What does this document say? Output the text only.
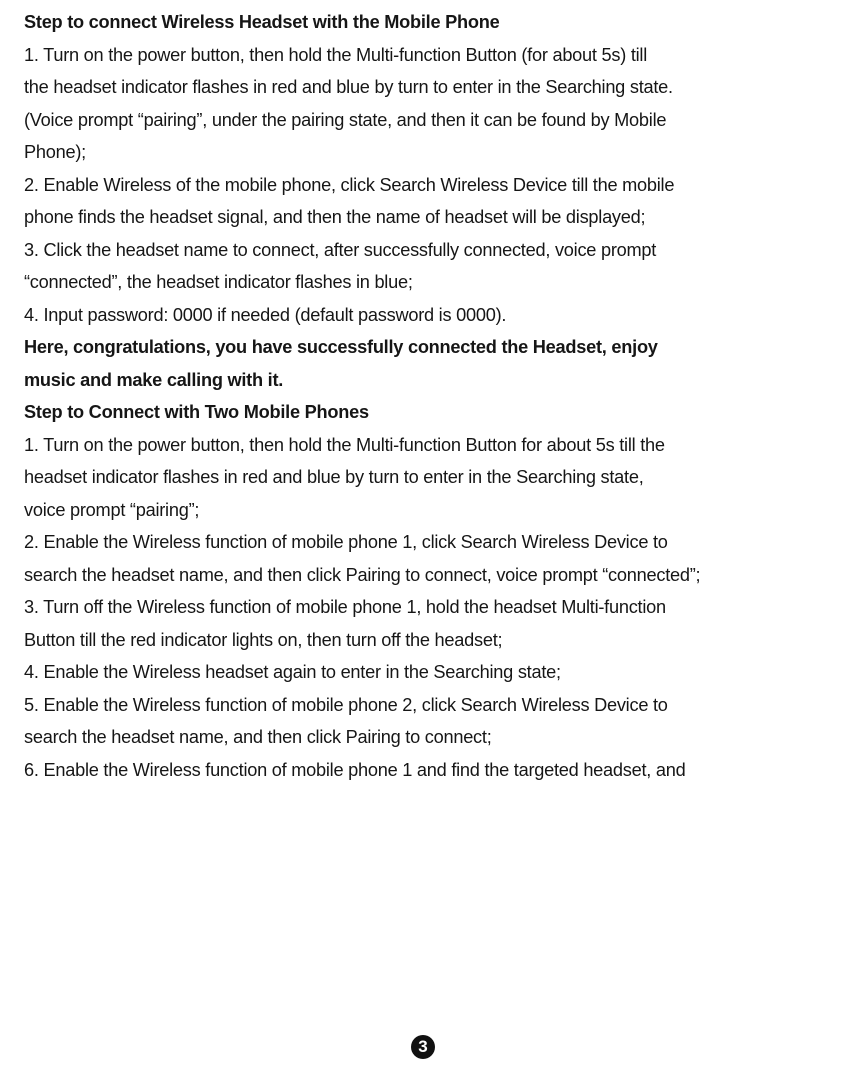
Step to connect Wireless Headset with the Mobile Phone
1. Turn on the power button, then hold the Multi-function Button (for about 5s) till
the headset indicator flashes in red and blue by turn to enter in the Searching state.
(Voice prompt “pairing”, under the pairing state, and then it can be found by Mobile
Phone);
2. Enable Wireless of the mobile phone, click Search Wireless Device till the mobile
phone finds the headset signal, and then the name of headset will be displayed;
3. Click the headset name to connect, after successfully connected, voice prompt
“connected”, the headset indicator flashes in blue;
4. Input password: 0000 if needed (default password is 0000).
Here, congratulations, you have successfully connected the Headset, enjoy
music and make calling with it.
Step to Connect with Two Mobile Phones
1. Turn on the power button, then hold the Multi-function Button for about 5s till the
headset indicator flashes in red and blue by turn to enter in the Searching state,
voice prompt “pairing”;
2. Enable the Wireless function of mobile phone 1, click Search Wireless Device to
search the headset name, and then click Pairing to connect, voice prompt “connected”;
3. Turn off the Wireless function of mobile phone 1, hold the headset Multi-function
Button till the red indicator lights on, then turn off the headset;
4. Enable the Wireless headset again to enter in the Searching state;
5. Enable the Wireless function of mobile phone 2, click Search Wireless Device to
search the headset name, and then click Pairing to connect;
6. Enable the Wireless function of mobile phone 1 and find the targeted headset, and
3
